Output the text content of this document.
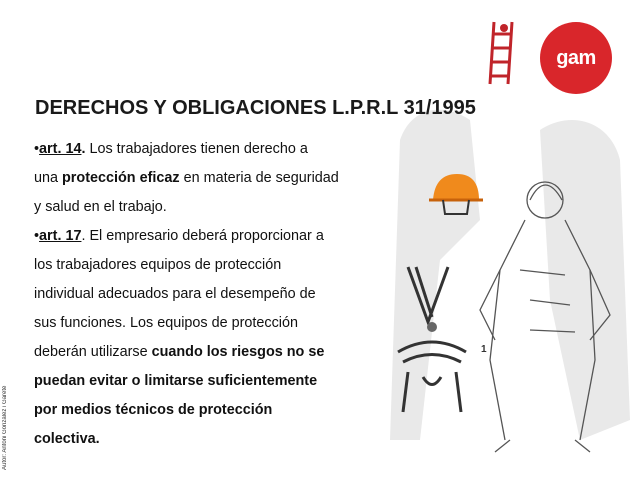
gam
Autor: Antoni González i Gareté
DERECHOS Y OBLIGACIONES L.P.R.L 31/1995
•art. 14. Los trabajadores tienen derecho a
una protección eficaz en materia de seguridad
y salud en el trabajo.
•art. 17. El empresario deberá proporcionar a
los trabajadores equipos de protección
individual adecuados para el desempeño de
sus funciones. Los equipos de protección
deberán utilizarse cuando los riesgos no se
puedan evitar o limitarse suficientemente
por medios técnicos de protección
colectiva.
1
